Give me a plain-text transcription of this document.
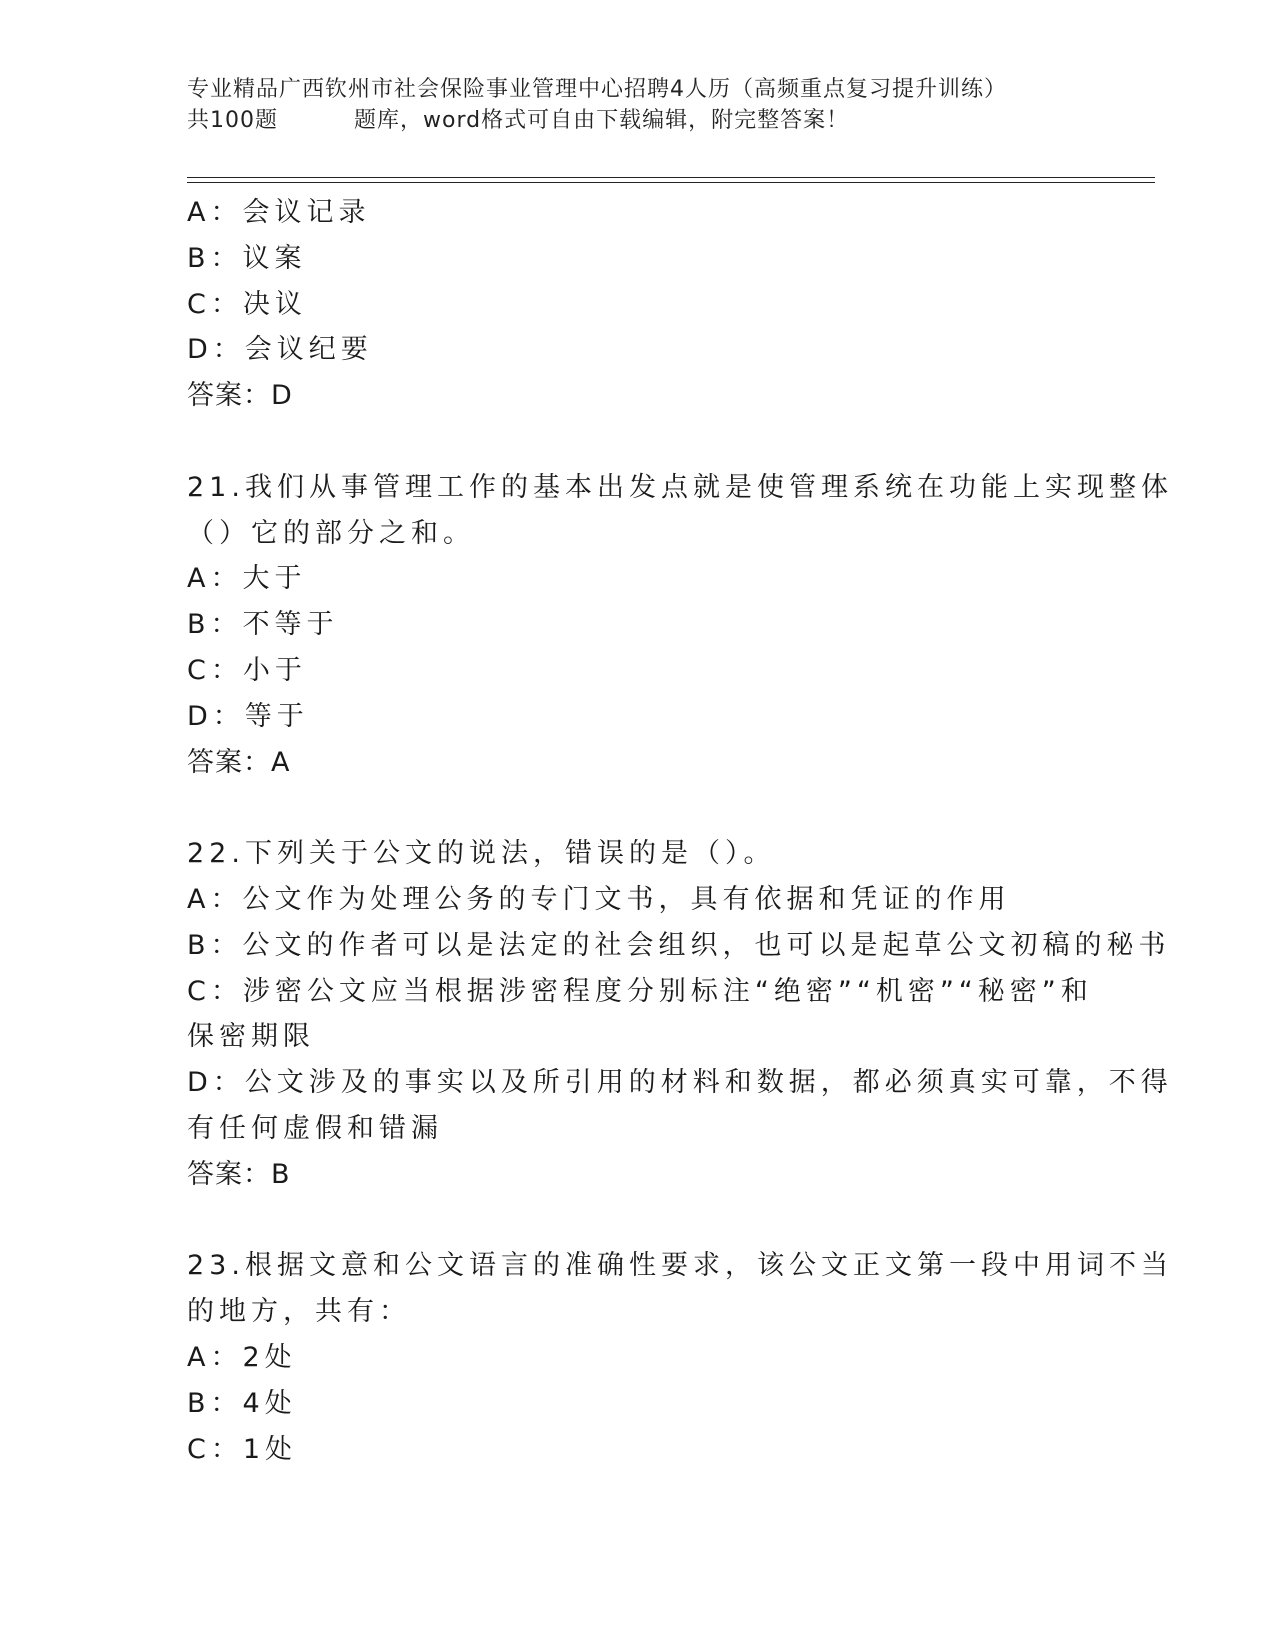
专业精品广西钦州市社会保险事业管理中心招聘4人历（高频重点复习提升训练）
共100题	题库，word格式可自由下载编辑，附完整答案！
A：会议记录
B：议案
C：决议
D：会议纪要
答案：D
21.我们从事管理工作的基本出发点就是使管理系统在功能上实现整体
（）它的部分之和。
A：大于
B：不等于
C：小于
D：等于
答案：A
22.下列关于公文的说法，错误的是（）。
A：公文作为处理公务的专门文书，具有依据和凭证的作用
B：公文的作者可以是法定的社会组织，也可以是起草公文初稿的秘书
C：涉密公文应当根据涉密程度分别标注“绝密”“机密”“秘密”和
保密期限
D：公文涉及的事实以及所引用的材料和数据，都必须真实可靠，不得
有任何虚假和错漏
答案：B
23.根据文意和公文语言的准确性要求，该公文正文第一段中用词不当
的地方，共有：
A：2处
B：4处
C：1处
